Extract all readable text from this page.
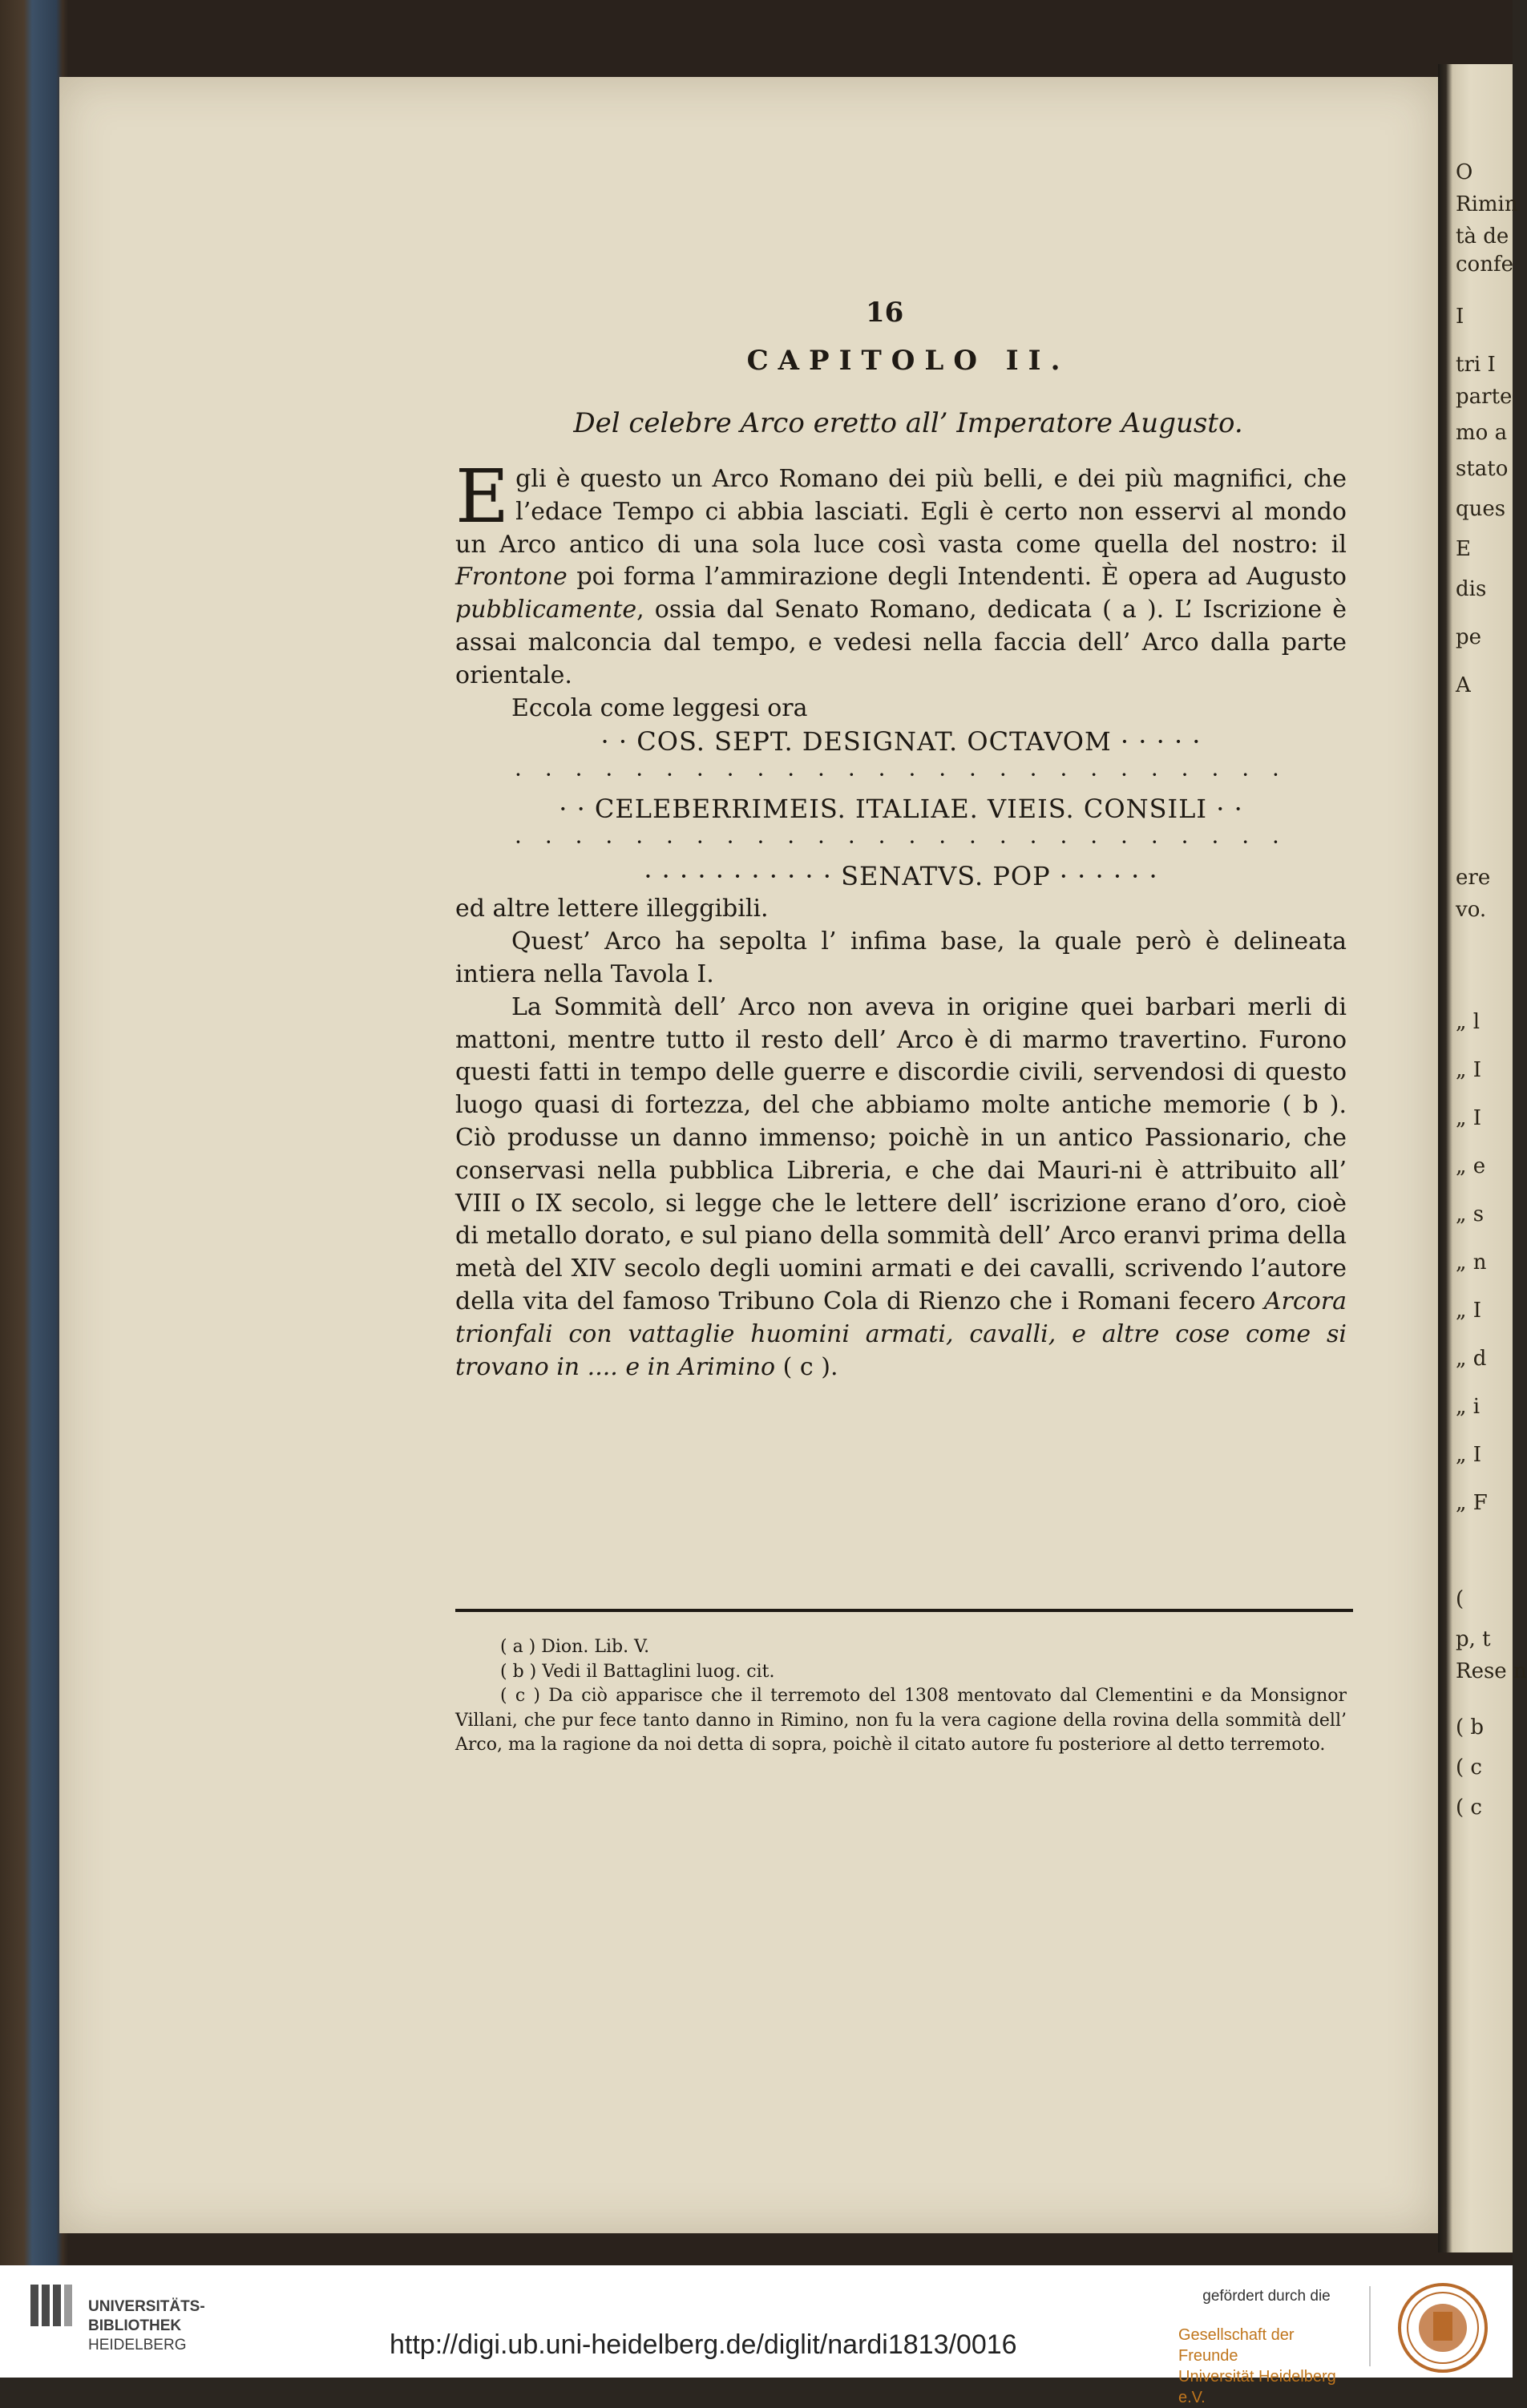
16
CAPITOLO II.
Del celebre Arco eretto all’ Imperatore Augusto.

Egli è questo un Arco Romano dei più belli, e dei più magnifici, che l’edace Tempo ci abbia lasciati. Egli è certo non esservi al mondo un Arco antico di una sola luce così vasta come quella del nostro: il Frontone poi forma l’ammirazione degli Intendenti. È opera ad Augusto pubblicamente, ossia dal Senato Romano, dedicata ( a ). L’ Iscrizione è assai malconcia dal tempo, e vedesi nella faccia dell’ Arco dalla parte orientale.

Eccola come leggesi ora

· · COS. SEPT. DESIGNAT. OCTAVOM · · · · ·
· · · · · · · · · · · · · · · · · · · · · · · · · ·
· · CELEBERRIMEIS. ITALIAE. VIEIS. CONSILI · ·
· · · · · · · · · · · · · · · · · · · · · · · · · ·
· · · · · · · · · · · SENATVS. POP · · · · · ·

ed altre lettere illeggibili.

Quest’ Arco ha sepolta l’ infima base, la quale però è delineata intiera nella Tavola I.

La Sommità dell’ Arco non aveva in origine quei barbari merli di mattoni, mentre tutto il resto dell’ Arco è di marmo travertino. Furono questi fatti in tempo delle guerre e discordie civili, servendosi di questo luogo quasi di fortezza, del che abbiamo molte antiche memorie ( b ). Ciò produsse un danno immenso; poichè in un antico Passionario, che conservasi nella pubblica Libreria, e che dai Mauri-ni è attribuito all’ VIII o IX secolo, si legge che le lettere dell’ iscrizione erano d’oro, cioè di metallo dorato, e sul piano della sommità dell’ Arco eranvi prima della metà del XIV secolo degli uomini armati e dei cavalli, scrivendo l’autore della vita del famoso Tribuno Cola di Rienzo che i Romani fecero Arcora trionfali con vattaglie huomini armati, cavalli, e altre cose come si trovano in .... e in Arimino ( c ).

( a ) Dion. Lib. V.

( b ) Vedi il Battaglini luog. cit.

( c ) Da ciò apparisce che il terremoto del 1308 mentovato dal Clementini e da Monsignor Villani, che pur fece tanto danno in Rimino, non fu la vera cagione della rovina della sommità dell’ Arco, ma la ragione da noi detta di sopra, poichè il citato autore fu posteriore al detto terremoto.

O
Rimin
tà de
confe
I
tri I
parte
mo a
stato
ques
E
dis
pe
A
ere
vo.
„ l
„ I
„ I
„ e
„ s
„ n
„ I
„ d
„ i
„ I
„ F
(
p, t
Rese n
( b
( c
( c
UNIVERSITÄTS-
BIBLIOTHEK
HEIDELBERG	http://digi.ub.uni-heidelberg.de/diglit/nardi1813/0016
gefördert durch die
Gesellschaft der Freunde
Universität Heidelberg e.V.
